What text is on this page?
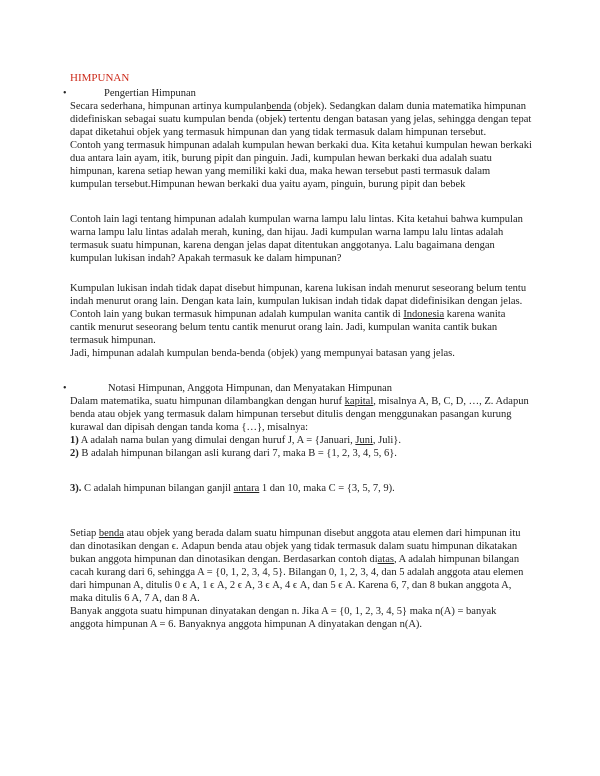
HIMPUNAN
•	Pengertian Himpunan

Secara sederhana, himpunan artinya kumpulanbenda (objek). Sedangkan dalam dunia matematika himpunan didefiniskan sebagai suatu kumpulan benda (objek) tertentu dengan batasan yang jelas, sehingga dengan tepat dapat diketahui objek yang termasuk himpunan dan yang tidak termasuk dalam himpunan tersebut.

Contoh yang termasuk himpunan adalah kumpulan hewan berkaki dua. Kita ketahui kumpulan hewan berkaki dua antara lain ayam, itik, burung pipit dan pinguin. Jadi, kumpulan hewan berkaki dua adalah suatu himpunan, karena setiap hewan yang memiliki kaki dua, maka hewan tersebut pasti termasuk dalam kumpulan tersebut.Himpunan hewan berkaki dua yaitu ayam, pinguin, burung pipit dan bebek

Contoh lain lagi tentang himpunan adalah kumpulan warna lampu lalu lintas. Kita ketahui bahwa kumpulan warna lampu lalu lintas adalah merah, kuning, dan hijau. Jadi kumpulan warna lampu lalu lintas adalah termasuk suatu himpunan, karena dengan jelas dapat ditentukan anggotanya. Lalu bagaimana dengan kumpulan lukisan indah? Apakah termasuk ke dalam himpunan?

Kumpulan lukisan indah tidak dapat disebut himpunan, karena lukisan indah menurut seseorang belum tentu indah menurut orang lain. Dengan kata lain, kumpulan lukisan indah tidak dapat didefinisikan dengan jelas. Contoh lain yang bukan termasuk himpunan adalah kumpulan wanita cantik di Indonesia karena wanita cantik menurut seseorang belum tentu cantik menurut orang lain. Jadi, kumpulan wanita cantik bukan termasuk himpunan.

Jadi, himpunan adalah kumpulan benda-benda (objek) yang mempunyai batasan yang jelas.

•	Notasi Himpunan, Anggota Himpunan, dan Menyatakan Himpunan

Dalam matematika, suatu himpunan dilambangkan dengan huruf kapital, misalnya A, B, C, D, …, Z. Adapun benda atau objek yang termasuk dalam himpunan tersebut ditulis dengan menggunakan pasangan kurung kurawal dan dipisah dengan tanda koma {…}, misalnya:

1) A adalah nama bulan yang dimulai dengan huruf J, A = {Januari, Juni, Juli}.

2) B adalah himpunan bilangan asli kurang dari 7, maka B = {1, 2, 3, 4, 5, 6}.

3). C adalah himpunan bilangan ganjil antara 1 dan 10, maka C = {3, 5, 7, 9).

Setiap benda atau objek yang berada dalam suatu himpunan disebut anggota atau elemen dari himpunan itu dan dinotasikan dengan ϵ. Adapun benda atau objek yang tidak termasuk dalam suatu himpunan dikatakan bukan anggota himpunan dan dinotasikan dengan. Berdasarkan contoh diatas, A adalah himpunan bilangan cacah kurang dari 6, sehingga A = {0, 1, 2, 3, 4, 5}. Bilangan 0, 1, 2, 3, 4, dan 5 adalah anggota atau elemen dari himpunan A, ditulis 0 ϵ A, 1 ϵ A, 2 ϵ A, 3 ϵ A, 4 ϵ A, dan 5 ϵ A. Karena 6, 7, dan 8 bukan anggota A, maka ditulis 6 A, 7 A, dan 8 A.

Banyak anggota suatu himpunan dinyatakan dengan n. Jika A = {0, 1, 2, 3, 4, 5} maka n(A) = banyak anggota himpunan A = 6. Banyaknya anggota himpunan A dinyatakan dengan n(A).
